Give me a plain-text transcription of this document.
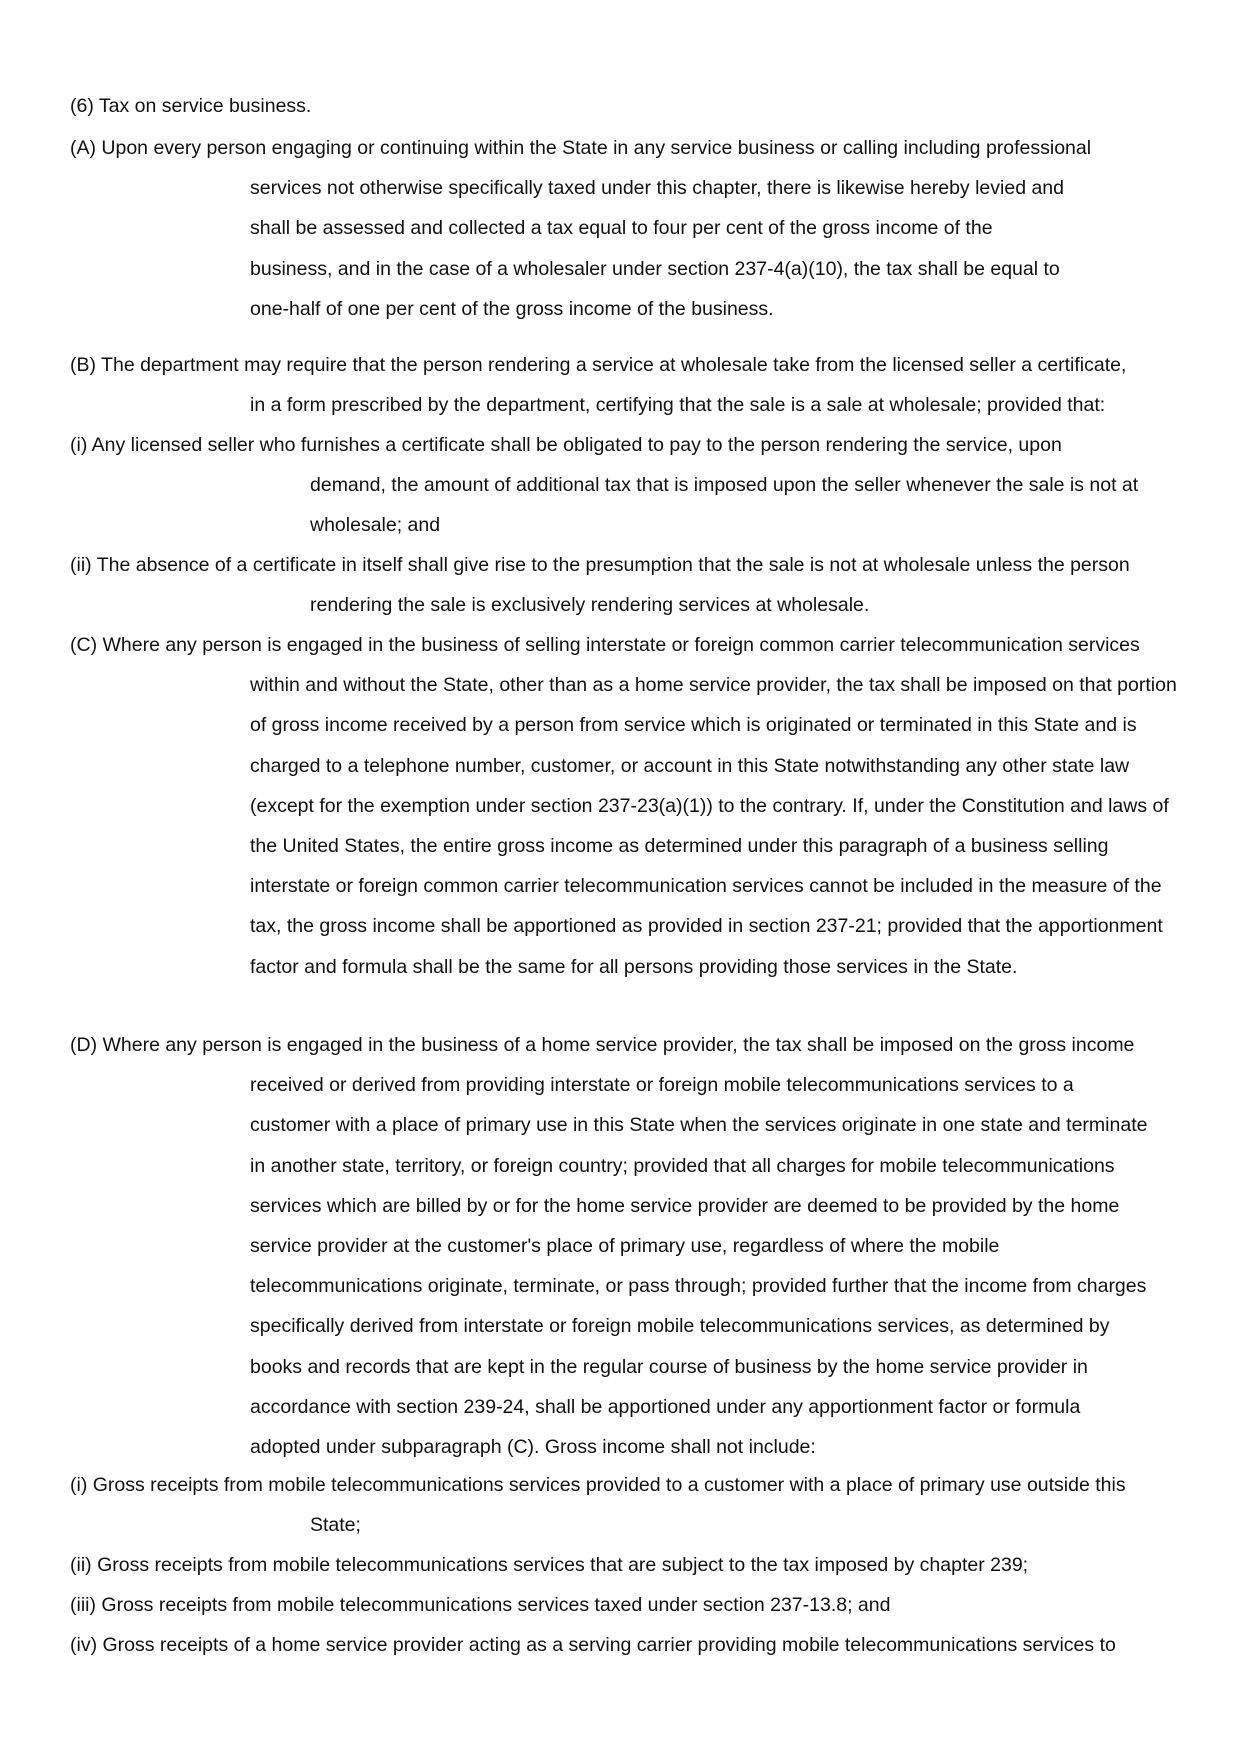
(6) Tax on service business.

(A) Upon every person engaging or continuing within the State in any service business or calling including professional
services not otherwise specifically taxed under this chapter, there is likewise hereby levied and shall be assessed and collected a tax equal to four per cent of the gross income of the business, and in the case of a wholesaler under section 237-4(a)(10), the tax shall be equal to one-half of one per cent of the gross income of the business.
(B) The department may require that the person rendering a service at wholesale take from the licensed seller a certificate,
in a form prescribed by the department, certifying that the sale is a sale at wholesale; provided that:
(i) Any licensed seller who furnishes a certificate shall be obligated to pay to the person rendering the service, upon
demand, the amount of additional tax that is imposed upon the seller whenever the sale is not at wholesale; and
(ii) The absence of a certificate in itself shall give rise to the presumption that the sale is not at wholesale unless the person
rendering the sale is exclusively rendering services at wholesale.
(C) Where any person is engaged in the business of selling interstate or foreign common carrier telecommunication services
within and without the State, other than as a home service provider, the tax shall be imposed on that portion of gross income received by a person from service which is originated or terminated in this State and is charged to a telephone number, customer, or account in this State notwithstanding any other state law (except for the exemption under section 237-23(a)(1)) to the contrary. If, under the Constitution and laws of the United States, the entire gross income as determined under this paragraph of a business selling interstate or foreign common carrier telecommunication services cannot be included in the measure of the tax, the gross income shall be apportioned as provided in section 237-21; provided that the apportionment factor and formula shall be the same for all persons providing those services in the State.
(D) Where any person is engaged in the business of a home service provider, the tax shall be imposed on the gross income
received or derived from providing interstate or foreign mobile telecommunications services to a customer with a place of primary use in this State when the services originate in one state and terminate in another state, territory, or foreign country; provided that all charges for mobile telecommunications services which are billed by or for the home service provider are deemed to be provided by the home service provider at the customer's place of primary use, regardless of where the mobile telecommunications originate, terminate, or pass through; provided further that the income from charges specifically derived from interstate or foreign mobile telecommunications services, as determined by books and records that are kept in the regular course of business by the home service provider in accordance with section 239-24, shall be apportioned under any apportionment factor or formula adopted under subparagraph (C). Gross income shall not include:
(i) Gross receipts from mobile telecommunications services provided to a customer with a place of primary use outside this
State;
(ii) Gross receipts from mobile telecommunications services that are subject to the tax imposed by chapter 239;
(iii) Gross receipts from mobile telecommunications services taxed under section 237-13.8; and
(iv) Gross receipts of a home service provider acting as a serving carrier providing mobile telecommunications services to
